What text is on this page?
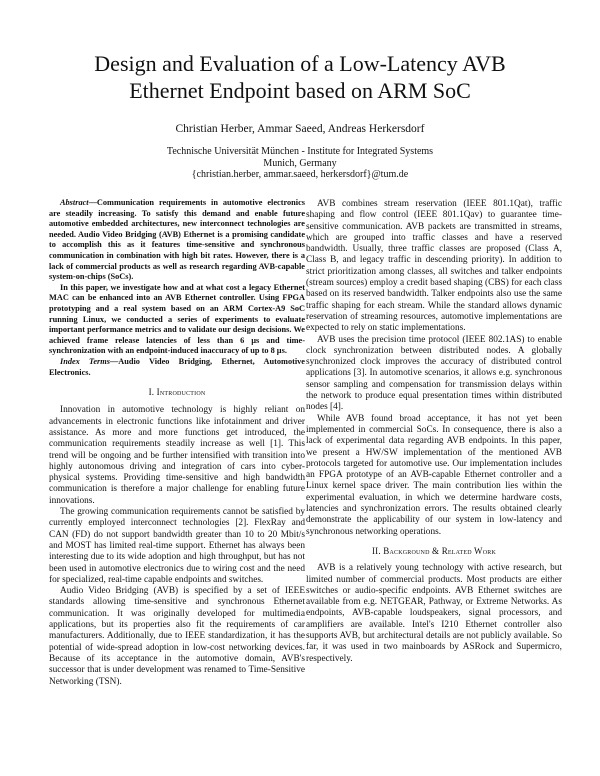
Design and Evaluation of a Low-Latency AVB
Ethernet Endpoint based on ARM SoC
Christian Herber, Ammar Saeed, Andreas Herkersdorf
Technische Universität München - Institute for Integrated Systems
Munich, Germany
{christian.herber, ammar.saeed, herkersdorf}@tum.de

Abstract—Communication requirements in automotive electronics are steadily increasing. To satisfy this demand and enable future automotive embedded architectures, new interconnect technologies are needed. Audio Video Bridging (AVB) Ethernet is a promising candidate to accomplish this as it features time-sensitive and synchronous communication in combination with high bit rates. However, there is a lack of commercial products as well as research regarding AVB-capable system-on-chips (SoCs).

In this paper, we investigate how and at what cost a legacy Ethernet MAC can be enhanced into an AVB Ethernet controller. Using FPGA prototyping and a real system based on an ARM Cortex-A9 SoC running Linux, we conducted a series of experiments to evaluate important performance metrics and to validate our design decisions. We achieved frame release latencies of less than 6 µs and time-synchronization with an endpoint-induced inaccuracy of up to 8 µs.

Index Terms—Audio Video Bridging, Ethernet, Automotive Electronics.

I. Introduction

Innovation in automotive technology is highly reliant on advancements in electronic functions like infotainment and driver assistance. As more and more functions get introduced, the communication requirements steadily increase as well [1]. This trend will be ongoing and be further intensified with transition into highly autonomous driving and integration of cars into cyber-physical systems. Providing time-sensitive and high bandwidth communication is therefore a major challenge for enabling future innovations.

The growing communication requirements cannot be satisfied by currently employed interconnect technologies [2]. FlexRay and CAN (FD) do not support bandwidth greater than 10 to 20 Mbit/s and MOST has limited real-time support. Ethernet has always been interesting due to its wide adoption and high throughput, but has not been used in automotive electronics due to wiring cost and the need for specialized, real-time capable endpoints and switches.

Audio Video Bridging (AVB) is specified by a set of IEEE standards allowing time-sensitive and synchronous Ethernet communication. It was originally developed for multimedia applications, but its properties also fit the requirements of car manufacturers. Additionally, due to IEEE standardization, it has the potential of wide-spread adoption in low-cost networking devices. Because of its acceptance in the automotive domain, AVB's successor that is under development was renamed to Time-Sensitive Networking (TSN).

AVB combines stream reservation (IEEE 801.1Qat), traffic shaping and flow control (IEEE 801.1Qav) to guarantee time-sensitive communication. AVB packets are transmitted in streams, which are grouped into traffic classes and have a reserved bandwidth. Usually, three traffic classes are proposed (Class A, Class B, and legacy traffic in descending priority). In addition to strict prioritization among classes, all switches and talker endpoints (stream sources) employ a credit based shaping (CBS) for each class based on its reserved bandwidth. Talker endpoints also use the same traffic shaping for each stream. While the standard allows dynamic reservation of streaming resources, automotive implementations are expected to rely on static implementations.

AVB uses the precision time protocol (IEEE 802.1AS) to enable clock synchronization between distributed nodes. A globally synchronized clock improves the accuracy of distributed control applications [3]. In automotive scenarios, it allows e.g. synchronous sensor sampling and compensation for transmission delays within the network to produce equal presentation times within distributed nodes [4].

While AVB found broad acceptance, it has not yet been implemented in commercial SoCs. In consequence, there is also a lack of experimental data regarding AVB endpoints. In this paper, we present a HW/SW implementation of the mentioned AVB protocols targeted for automotive use. Our implementation includes an FPGA prototype of an AVB-capable Ethernet controller and a Linux kernel space driver. The main contribution lies within the experimental evaluation, in which we determine hardware costs, latencies and synchronization errors. The results obtained clearly demonstrate the applicability of our system in low-latency and synchronous networking operations.

II. Background & Related Work

AVB is a relatively young technology with active research, but limited number of commercial products. Most products are either switches or audio-specific endpoints. AVB Ethernet switches are available from e.g. NETGEAR, Pathway, or Extreme Networks. As endpoints, AVB-capable loudspeakers, signal processors, and amplifiers are available. Intel's I210 Ethernet controller also supports AVB, but architectural details are not publicly available. So far, it was used in two mainboards by ASRock and Supermicro, respectively.
